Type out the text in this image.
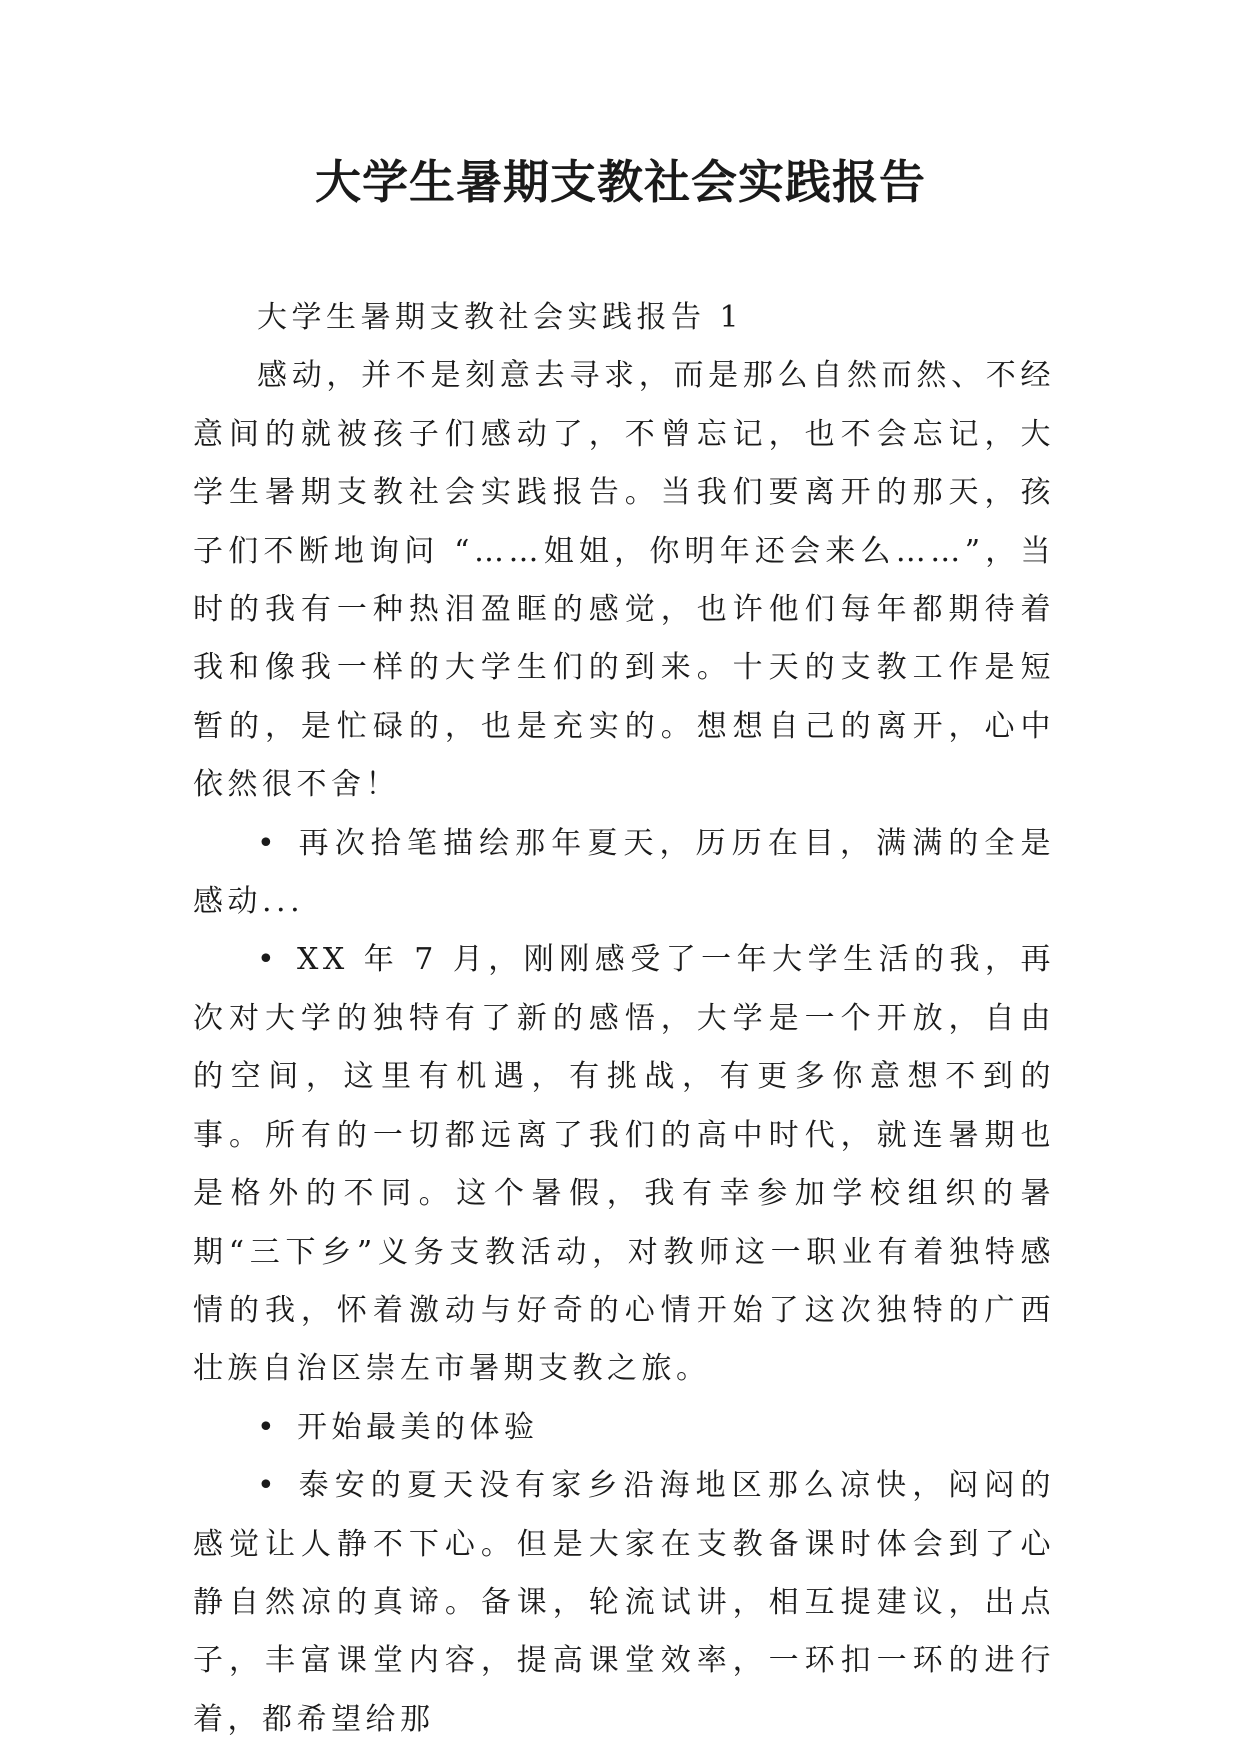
大学生暑期支教社会实践报告

大学生暑期支教社会实践报告 1

感动，并不是刻意去寻求，而是那么自然而然、不经意间的就被孩子们感动了，不曾忘记，也不会忘记，大学生暑期支教社会实践报告。当我们要离开的那天，孩子们不断地询问 “……姐姐，你明年还会来么……”，当时的我有一种热泪盈眶的感觉，也许他们每年都期待着我和像我一样的大学生们的到来。十天的支教工作是短暂的，是忙碌的，也是充实的。想想自己的离开，心中依然很不舍！

• 再次拾笔描绘那年夏天，历历在目，满满的全是感动...

• XX 年 7 月，刚刚感受了一年大学生活的我，再次对大学的独特有了新的感悟，大学是一个开放，自由的空间，这里有机遇，有挑战，有更多你意想不到的事。所有的一切都远离了我们的高中时代，就连暑期也是格外的不同。这个暑假，我有幸参加学校组织的暑期“三下乡”义务支教活动，对教师这一职业有着独特感情的我，怀着激动与好奇的心情开始了这次独特的广西壮族自治区崇左市暑期支教之旅。

• 开始最美的体验

• 泰安的夏天没有家乡沿海地区那么凉快，闷闷的感觉让人静不下心。但是大家在支教备课时体会到了心静自然凉的真谛。备课，轮流试讲，相互提建议，出点子，丰富课堂内容，提高课堂效率，一环扣一环的进行着，都希望给那
